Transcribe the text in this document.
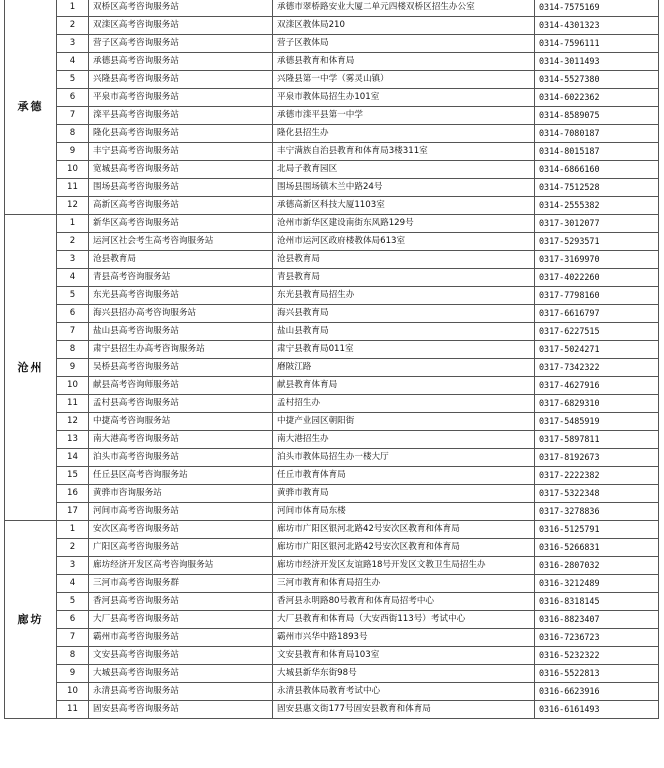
承德	1	双桥区高考咨询服务站	承德市翠桥路安业大厦二单元四楼双桥区招生办公室	0314-7575169
	2	双滦区高考咨询服务站	双滦区教体局210	0314-4301323
	3	营子区高考咨询服务站	营子区教体局	0314-7596111
	4	承德县高考咨询服务站	承德县教育和体育局	0314-3011493
	5	兴隆县高考咨询服务站	兴隆县第一中学（雾灵山镇）	0314-5527380
	6	平泉市高考咨询服务站	平泉市教体局招生办101室	0314-6022362
	7	滦平县高考咨询服务站	承德市滦平县第一中学	0314-8589075
	8	隆化县高考咨询服务站	隆化县招生办	0314-7080187
	9	丰宁县高考咨询服务站	丰宁满族自治县教育和体育局3楼311室	0314-8015187
	10	宽城县高考咨询服务站	北局子教育园区	0314-6866160
	11	围场县高考咨询服务站	围场县围场镇木兰中路24号	0314-7512528
	12	高新区高考咨询服务站	承德高新区科技大厦1103室	0314-2555382
沧州	1	新华区高考咨询服务站	沧州市新华区建设南街东风路129号	0317-3012077
	2	运河区社会考生高考咨询服务站	沧州市运河区政府楼教体局613室	0317-5293571
	3	沧县教育局	沧县教育局	0317-3169970
	4	青县高考咨询服务站	青县教育局	0317-4022260
	5	东光县高考咨询服务站	东光县教育局招生办	0317-7798160
	6	海兴县招办高考咨询服务站	海兴县教育局	0317-6616797
	7	盐山县高考咨询服务站	盐山县教育局	0317-6227515
	8	肃宁县招生办高考咨询服务站	肃宁县教育局011室	0317-5024271
	9	吴桥县高考咨询服务站	磨陂江路	0317-7342322
	10	献县高考咨询师服务站	献县教育体育局	0317-4627916
	11	孟村县高考咨询服务站	孟村招生办	0317-6829310
	12	中捷高考咨询服务站	中捷产业园区朝阳街	0317-5485919
	13	南大港高考咨询服务站	南大港招生办	0317-5897811
	14	泊头市高考咨询服务站	泊头市教体局招生办一楼大厅	0317-8192673
	15	任丘县区高考咨询服务站	任丘市教育体育局	0317-2222382
	16	黄骅市咨询服务站	黄骅市教育局	0317-5322348
	17	河间市高考咨询服务站	河间市体育局东楼	0317-3278836
廊坊	1	安次区高考咨询服务站	廊坊市广阳区银河北路42号安次区教育和体育局	0316-5125791
	2	广阳区高考咨询服务站	廊坊市广阳区银河北路42号安次区教育和体育局	0316-5266831
	3	廊坊经济开发区高考咨询服务站	廊坊市经济开发区友谊路18号开发区文教卫生局招生办	0316-2807032
	4	三河市高考咨询服务群	三河市教育和体育局招生办	0316-3212489
	5	香河县高考咨询服务站	香河县永明路80号教育和体育局招考中心	0316-8318145
	6	大厂县高考咨询服务站	大厂县教育和体育局（大安西街113号）考试中心	0316-8823407
	7	霸州市高考咨询服务站	霸州市兴华中路1893号	0316-7236723
	8	文安县高考咨询服务站	文安县教育和体育局103室	0316-5232322
	9	大城县高考咨询服务站	大城县新华东街98号	0316-5522813
	10	永清县高考咨询服务站	永清县教体局教育考试中心	0316-6623916
	11	固安县高考咨询服务站	固安县惠文街177号固安县教育和体育局	0316-6161493
